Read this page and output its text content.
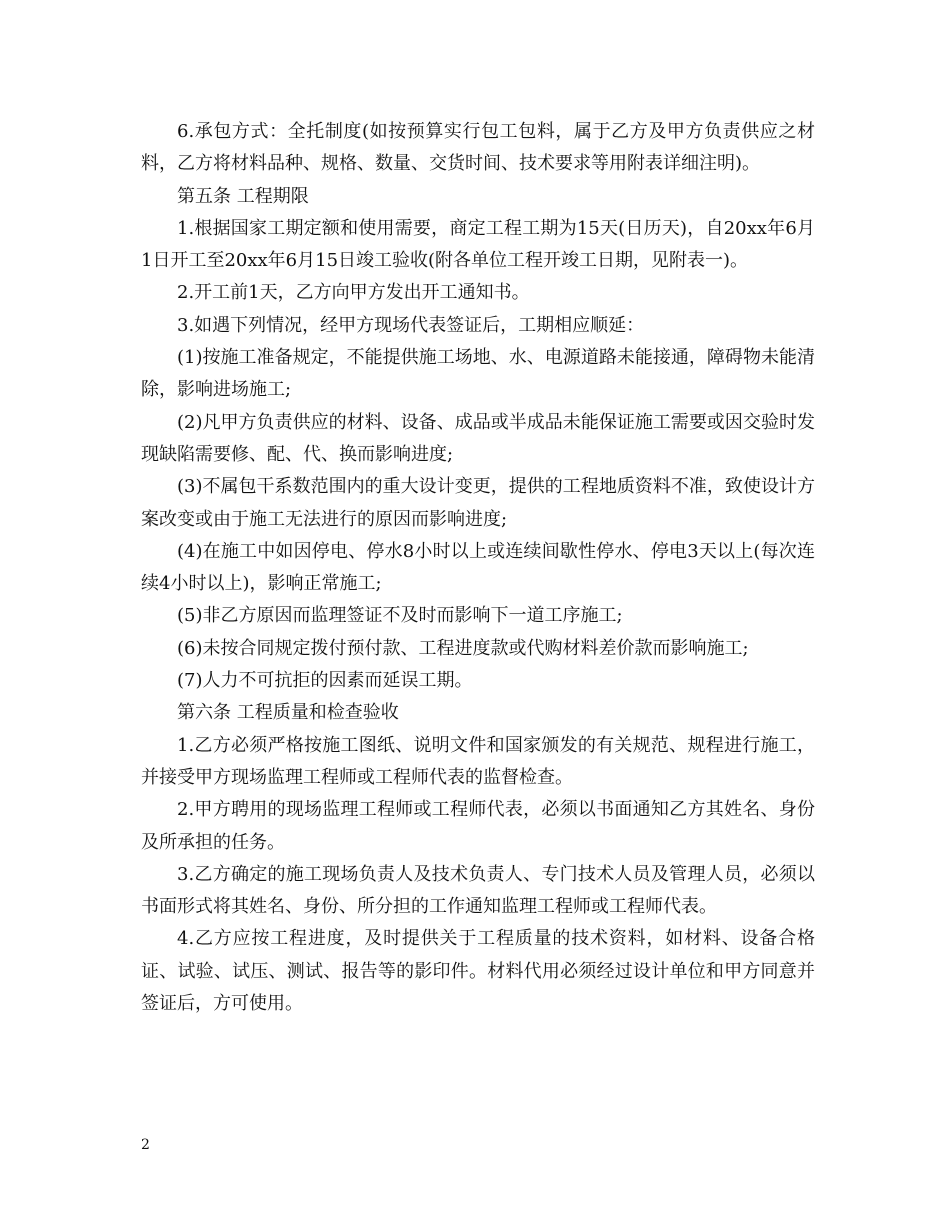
6.承包方式：全托制度(如按预算实行包工包料，属于乙方及甲方负责供应之材料，乙方将材料品种、规格、数量、交货时间、技术要求等用附表详细注明)。

第五条 工程期限

1.根据国家工期定额和使用需要，商定工程工期为15天(日历天)，自20xx年6月1日开工至20xx年6月15日竣工验收(附各单位工程开竣工日期，见附表一)。

2.开工前1天，乙方向甲方发出开工通知书。

3.如遇下列情况，经甲方现场代表签证后，工期相应顺延：

(1)按施工准备规定，不能提供施工场地、水、电源道路未能接通，障碍物未能清除，影响进场施工;

(2)凡甲方负责供应的材料、设备、成品或半成品未能保证施工需要或因交验时发现缺陷需要修、配、代、换而影响进度;

(3)不属包干系数范围内的重大设计变更，提供的工程地质资料不准，致使设计方案改变或由于施工无法进行的原因而影响进度;

(4)在施工中如因停电、停水8小时以上或连续间歇性停水、停电3天以上(每次连续4小时以上)，影响正常施工;

(5)非乙方原因而监理签证不及时而影响下一道工序施工;

(6)未按合同规定拨付预付款、工程进度款或代购材料差价款而影响施工;

(7)人力不可抗拒的因素而延误工期。

第六条 工程质量和检查验收

1.乙方必须严格按施工图纸、说明文件和国家颁发的有关规范、规程进行施工，并接受甲方现场监理工程师或工程师代表的监督检查。

2.甲方聘用的现场监理工程师或工程师代表，必须以书面通知乙方其姓名、身份及所承担的任务。

3.乙方确定的施工现场负责人及技术负责人、专门技术人员及管理人员，必须以书面形式将其姓名、身份、所分担的工作通知监理工程师或工程师代表。

4.乙方应按工程进度，及时提供关于工程质量的技术资料，如材料、设备合格证、试验、试压、测试、报告等的影印件。材料代用必须经过设计单位和甲方同意并签证后，方可使用。

2
